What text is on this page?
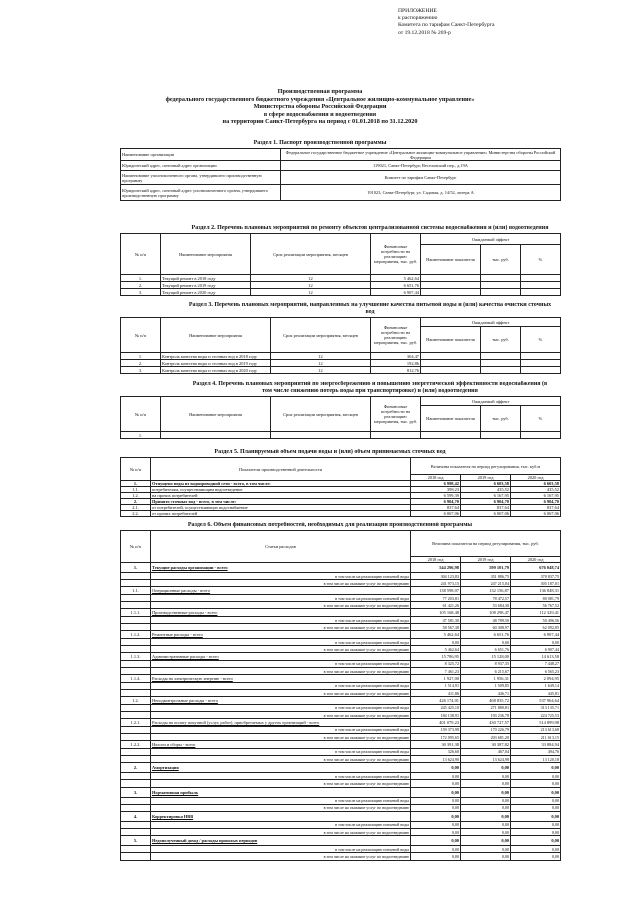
ПРИЛОЖЕНИЕ
к распоряжению
Комитета по тарифам Санкт-Петербурга
от 19.12.2018 № 269-р
Производственная программа
федерального государственного бюджетного учреждения «Центральное жилищно-коммунальное управление»
Министерства обороны Российской Федерации
в сфере водоснабжения и водоотведения
на территории Санкт-Петербурга на период с 01.01.2018 по 31.12.2020
Раздел 1. Паспорт производственной программы
Наименование организации	Федеральное государственное бюджетное учреждение «Центральное жилищно-коммунальное управление» Министерства обороны Российской Федерации
Юридический адрес, почтовый адрес организации	119021, Санкт-Петербург, Веселовский пер., д.19А
Наименование уполномоченного органа, утвердившего производственную программу	Комитет по тарифам Санкт-Петербург
Юридический адрес, почтовый адрес уполномоченного органа, утвердившего производственную программу	191023, Санкт-Петербург, ул. Садовая, д. 14/52, литера А
Раздел 2. Перечень плановых мероприятий по ремонту объектов централизованной системы водоснабжения и (или) водоотведения
№ п/п	Наименование мероприятия	Срок реализации мероприятия, месяцев	Финансовые потребности на реализацию мероприятия, тыс. руб.	Ожидаемый эффект		
				Наименование показателя	тыс. руб.	%
1.	Текущий ремонт в 2018 году	12	5 462,64			
2.	Текущий ремонт в 2019 году	12	6 651,76			
3.	Текущий ремонт в 2020 году	12	6 907,44			
Раздел 3. Перечень плановых мероприятий, направленных на улучшение качества питьевой воды и (или) качества очистки сточных
вод
№ п/п	Наименование мероприятия	Срок реализации мероприятия, месяцев	Финансовые потребности на реализацию мероприятия, тыс. руб.	Ожидаемый эффект		
				Наименование показателя	тыс. руб.	%
1.	Контроль качества воды и сточных вод в 2018 году	12	304,47			
2.	Контроль качества воды и сточных вод в 2019 году	12	192,86			
3.	Контроль качества воды и сточных вод в 2020 году	12	812,76			
Раздел 4. Перечень плановых мероприятий по энергосбережению и повышению энергетической эффективности водоснабжения (в
том числе снижению потерь воды при транспортировке) и (или) водоотведения
№ п/п	Наименование мероприятия	Срок реализации мероприятия, месяцев	Финансовые потребности на реализацию мероприятия, тыс. руб.	Ожидаемый эффект		
				Наименование показателя	тыс. руб.	%
1.						
Раздел 5. Планируемый объем подачи воды и (или) объем принимаемых сточных вод
№ п/п	Показатели производственной деятельности	Величина показателя на период регулирования, тыс. куб.м		
		2018 год	2019 год	2020 год
1.	Отпущено воды из водопроводной сети - всего, в том числе:	6 998,42	6 603,58	6 603,58
1.1.	потребителям, осуществляющим водоотведение	398,23	435,52	435,52
1.2.	на прочих потребителей	6 599,39	6 167,95	6 167,95
2.	Принято сточных вод - всего, в том числе:	6 904,70	6 904,70	6 904,70
2.1.	от потребителей, осуществляющих водоснабжение	837,64	837,64	837,64
2.2.	от прочих потребителей	6 067,06	6 067,06	6 067,06
Раздел 6. Объем финансовых потребностей, необходимых для реализации производственной программы
№ п/п	Статьи расходов	Величина показателя на период регулирования, тыс. руб.		
		2018 год	2019 год	2020 год
1.	Текущие расходы организации - всего	544 296,98	599 101,79	676 048,74
	в том числе на реализацию питьевой воды	304 123,83	351 886,75	370 837,75
	в том числе на оказание услуг по водоотведению	241 973,15	247 215,04	305 187,01
1.1.	Операционные расходы - всего	138 598,07	132 156,87	136 848,31
	в том числе на реализацию питьевой воды	77 203,81	78 472,57	80 081,79
	в том числе на оказание услуг по водоотведению	61 421,26	53 684,30	56 767,52
1.1.1.	Производственные расходы - всего	105 168,48	108 298,47	112 329,41
	в том числе на реализацию питьевой воды	47 581,30	48 789,50	50 496,56
	в том числе на оказание услуг по водоотведению	58 567,38	60 308,97	62 092,85
1.1.2.	Ремонтные расходы - всего	5 462,64	6 651,76	6 907,44
	в том числе на реализацию питьевой воды	0,00	0,00	0,00
	в том числе на оказание услуг по водоотведению	5 462,64	6 651,76	6 907,44
1.1.3.	Административные расходы - всего	15 786,95	15 128,00	14 613,50
	в том числе на реализацию питьевой воды	8 325,72	8 937,35	7 448,27
	в том числе на оказание услуг по водоотведению	7 461,23	6 215,67	6 565,23
1.1.4.	Расходы на электрическую энергию - всего	1 927,00	1 956,31	2 094,95
	в том числе на реализацию питьевой воды	1 514,91	1 509,85	1 649,14
	в том числе на оказание услуг по водоотведению	411,86	446,71	445,81
1.2.	Неподконтрольные расходы - всего	426 174,01	468 835,72	537 964,64
	в том числе на реализацию питьевой воды	245 425,10	271 880,81	313 135,71
	в том числе на оказание услуг по водоотведению	184 138,91	193 236,78	224 725,53
1.2.1.	Расходы на оплату покупной (услуг, работ), приобретаемых у других организаций - всего	401 079,23	430 727,57	514 899,98
	в том числе на реализацию питьевой воды	159 373,98	170 226,79	213 613,68
	в том числе на оказание услуг по водоотведению	172 095,65	203 681,20	211 613,15
1.2.2.	Налоги и сборы - всего	30 391,38	30 387,82	33 884,94
	в том числе на реализацию питьевой воды	326,60	467,04	494,76
	в том числе на оказание услуг по водоотведению	13 624,90	13 624,98	13 120,18
2.	Амортизация	0,00	0,00	0,00
	в том числе на реализацию питьевой воды	0,00	0,00	0,00
	в том числе на оказание услуг по водоотведению	0,00	0,00	0,00
3.	Нормативная прибыль	0,00	0,00	0,00
	в том числе на реализацию питьевой воды	0,00	0,00	0,00
	в том числе на оказание услуг по водоотведению	0,00	0,00	0,00
4.	Корректировка НВВ	0,00	0,00	0,00
	в том числе на реализацию питьевой воды	0,00	0,00	0,00
	в том числе на оказание услуг по водоотведению	0,00	0,00	0,00
5.	Недополученный доход / расходы прошлых периодов	0,00	0,00	0,00
	в том числе на реализацию питьевой воды	0,00	0,00	0,00
	в том числе на оказание услуг по водоотведению	0,00	0,00	0,00
